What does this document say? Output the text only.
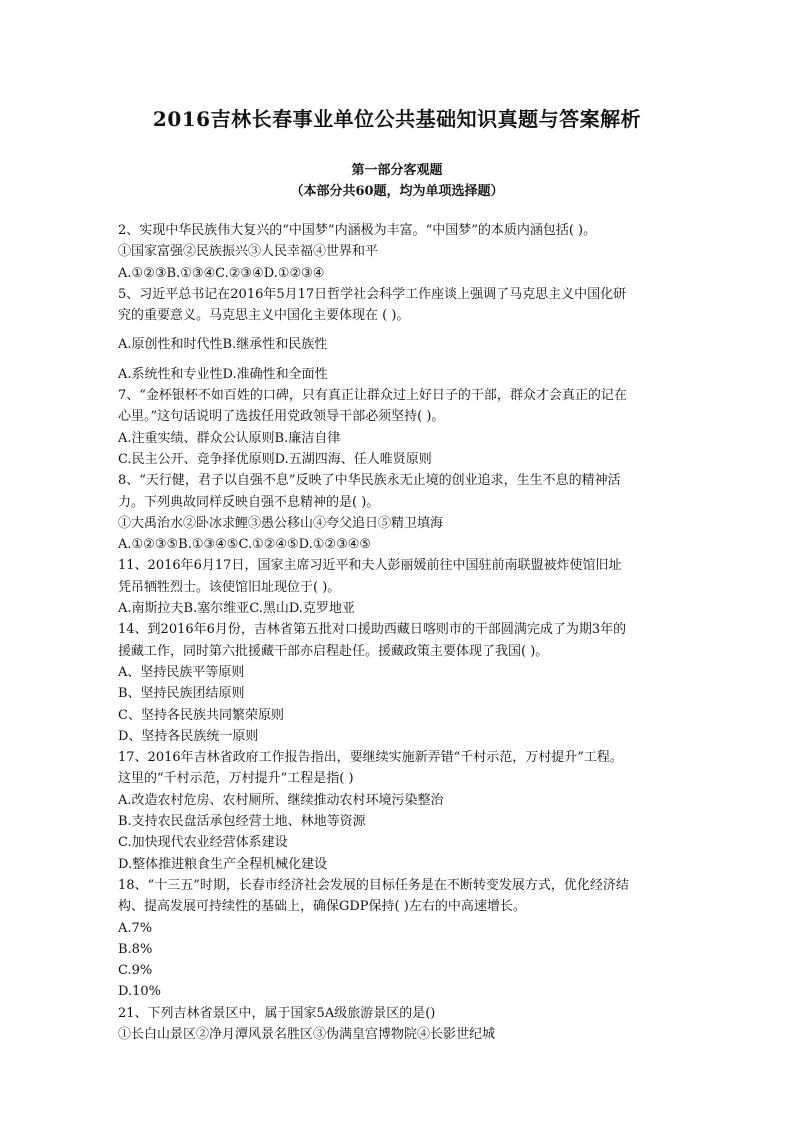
2016吉林长春事业单位公共基础知识真题与答案解析
第一部分客观题
（本部分共60题，均为单项选择题）
2、实现中华民族伟大复兴的“中国梦”内涵极为丰富。“中国梦”的本质内涵包括( )。
①国家富强②民族振兴③人民幸福④世界和平
A.①②③B.①③④C.②③④D.①②③④
5、习近平总书记在2016年5月17日哲学社会科学工作座谈上强调了马克思主义中国化研
究的重要意义。马克思主义中国化主要体现在 ( )。
A.原创性和时代性B.继承性和民族性
A.系统性和专业性D.准确性和全面性
7、“金杯银杯不如百姓的口碑，只有真正让群众过上好日子的干部，群众才会真正的记在
心里。”这句话说明了选拔任用党政领导干部必须坚持( )。
A.注重实绩、群众公认原则B.廉洁自律
C.民主公开、竞争择优原则D.五湖四海、任人唯贤原则
8、“天行健，君子以自强不息”反映了中华民族永无止境的创业追求，生生不息的精神活
力。下列典故同样反映自强不息精神的是( )。
①大禹治水②卧冰求鲤③愚公移山④夸父追日⑤精卫填海
A.①②③⑤B.①③④⑤C.①②④⑤D.①②③④⑤
11、2016年6月17日，国家主席习近平和夫人彭丽媛前往中国驻前南联盟被炸使馆旧址
凭吊牺牲烈士。该使馆旧址现位于( )。
A.南斯拉夫B.塞尔维亚C.黑山D.克罗地亚
14、到2016年6月份，吉林省第五批对口援助西藏日喀则市的干部圆满完成了为期3年的
援藏工作，同时第六批援藏干部亦启程赴任。援藏政策主要体现了我国( )。
A、坚持民族平等原则
B、坚持民族团结原则
C、坚持各民族共同繁荣原则
D、坚持各民族统一原则
17、2016年吉林省政府工作报告指出，要继续实施新弄错“千村示范，万村提升”工程。
这里的“千村示范，万村提升”工程是指( )
A.改造农村危房、农村厕所、继续推动农村环境污染整治
B.支持农民盘活承包经营土地、林地等资源
C.加快现代农业经营体系建设
D.整体推进粮食生产全程机械化建设
18、“十三五”时期，长春市经济社会发展的目标任务是在不断转变发展方式，优化经济结
构、提高发展可持续性的基础上，确保GDP保持( )左右的中高速增长。
A.7%
B.8%
C.9%
D.10%
21、下列吉林省景区中，属于国家5A级旅游景区的是()
①长白山景区②净月潭风景名胜区③伪满皇宫博物院④长影世纪城
